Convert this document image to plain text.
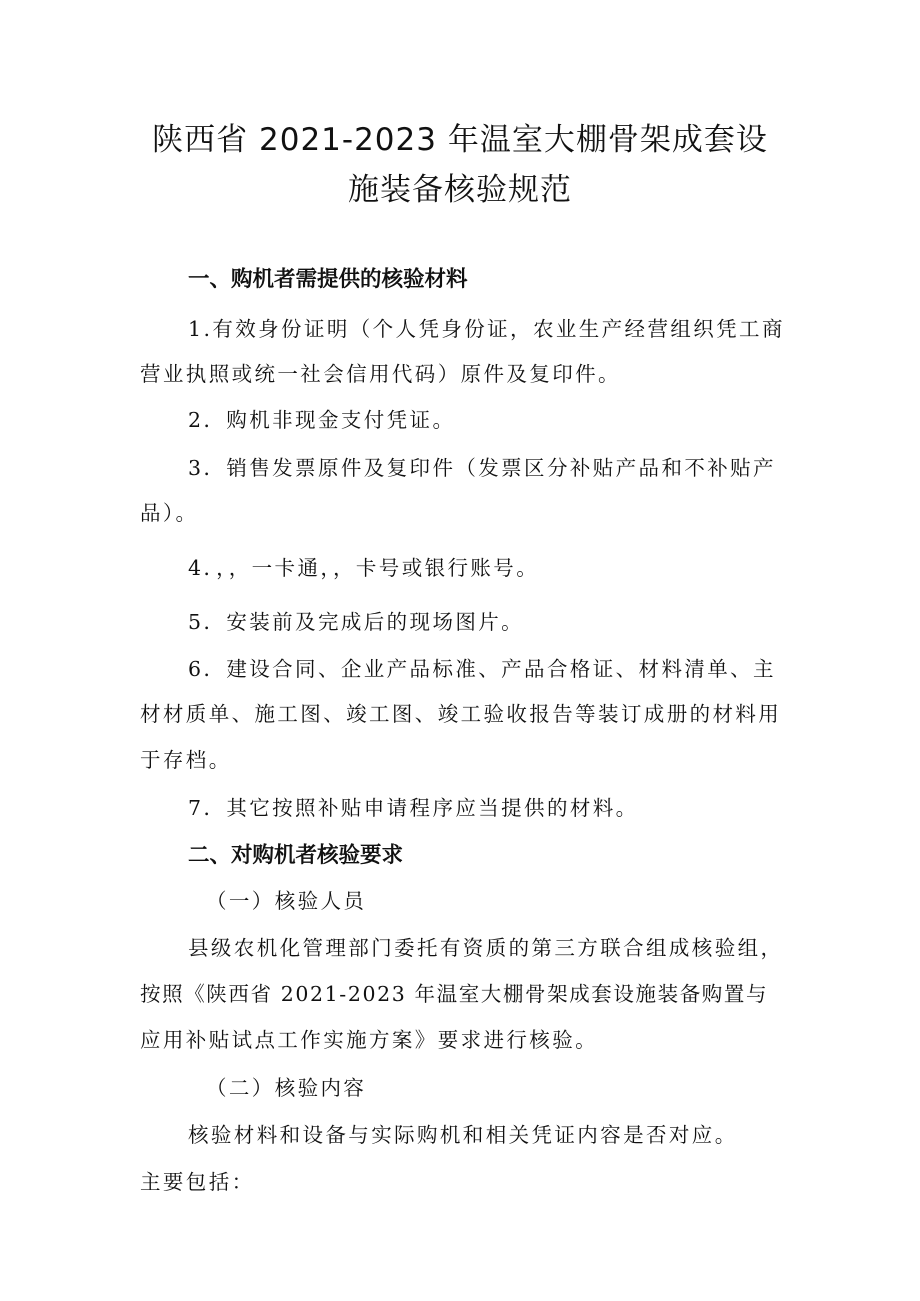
陕西省 2021-2023 年温室大棚骨架成套设
施装备核验规范
一、购机者需提供的核验材料
1.有效身份证明（个人凭身份证，农业生产经营组织凭工商
营业执照或统一社会信用代码）原件及复印件。
2．购机非现金支付凭证。
3．销售发票原件及复印件（发票区分补贴产品和不补贴产
品）。
4．，，一卡通，，卡号或银行账号。
5．安装前及完成后的现场图片。
6．建设合同、企业产品标准、产品合格证、材料清单、主
材材质单、施工图、竣工图、竣工验收报告等装订成册的材料用
于存档。
7．其它按照补贴申请程序应当提供的材料。
二、对购机者核验要求
（一）核验人员
县级农机化管理部门委托有资质的第三方联合组成核验组，
按照《陕西省 2021-2023 年温室大棚骨架成套设施装备购置与
应用补贴试点工作实施方案》要求进行核验。
（二）核验内容
核验材料和设备与实际购机和相关凭证内容是否对应。
主要包括：
